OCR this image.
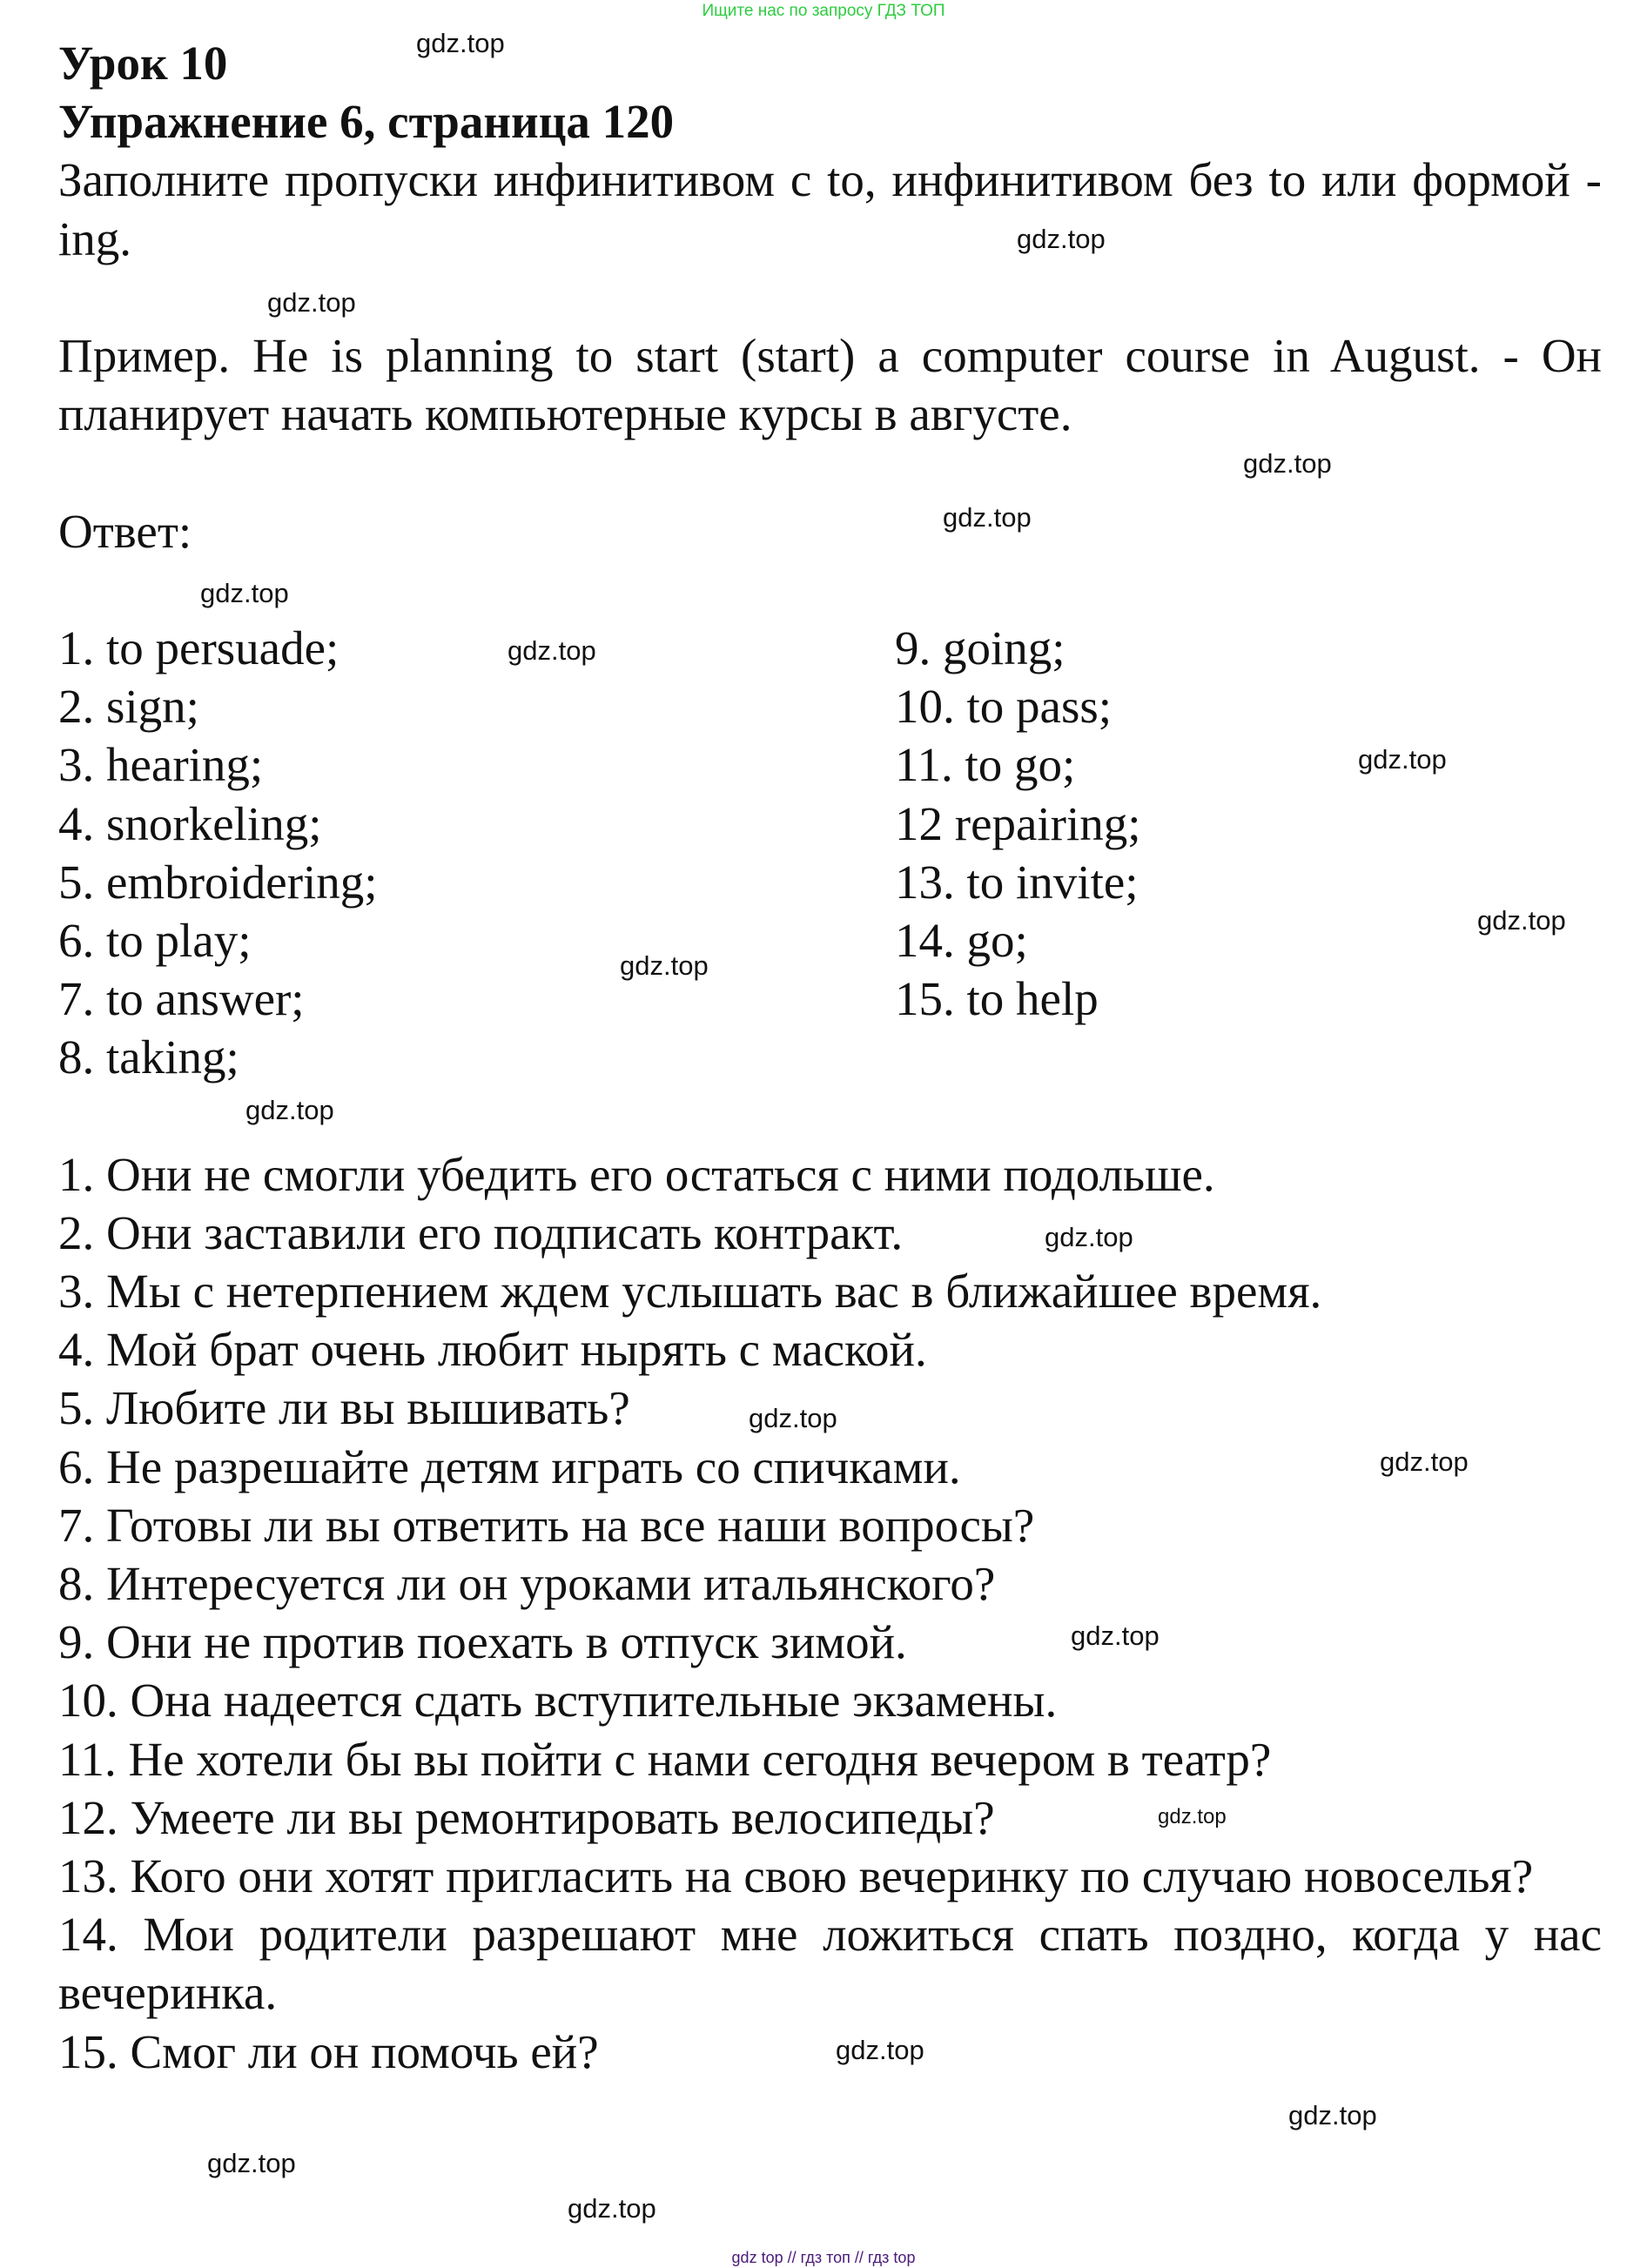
Ищите нас по запросу ГДЗ ТОП
Урок 10
Упражнение 6, страница 120
Заполните пропуски инфинитивом с to, инфинитивом без to или формой -ing.
Пример. He is planning to start (start) a computer course in August. - Он планирует начать компьютерные курсы в августе.
Ответ:
1. to persuade;
2. sign;
3. hearing;
4. snorkeling;
5. embroidering;
6. to play;
7. to answer;
8. taking;
9. going;
10. to pass;
11. to go;
12 repairing;
13. to invite;
14. go;
15. to help
1. Они не смогли убедить его остаться с ними подольше.
2. Они заставили его подписать контракт.
3. Мы с нетерпением ждем услышать вас в ближайшее время.
4. Мой брат очень любит нырять с маской.
5. Любите ли вы вышивать?
6. Не разрешайте детям играть со спичками.
7. Готовы ли вы ответить на все наши вопросы?
8. Интересуется ли он уроками итальянского?
9. Они не против поехать в отпуск зимой.
10. Она надеется сдать вступительные экзамены.
11. Не хотели бы вы пойти с нами сегодня вечером в театр?
12. Умеете ли вы ремонтировать велосипеды?
13. Кого они хотят пригласить на свою вечеринку по случаю новоселья?
14. Мои родители разрешают мне ложиться спать поздно, когда у нас вечеринка.
15. Смог ли он помочь ей?
gdz.top
gdz.top
gdz.top
gdz.top
gdz.top
gdz.top
gdz.top
gdz.top
gdz.top
gdz.top
gdz.top
gdz.top
gdz.top
gdz.top
gdz.top
gdz.top
gdz.top
gdz.top
gdz.top
gdz.top
gdz top // гдз топ // гдз top
